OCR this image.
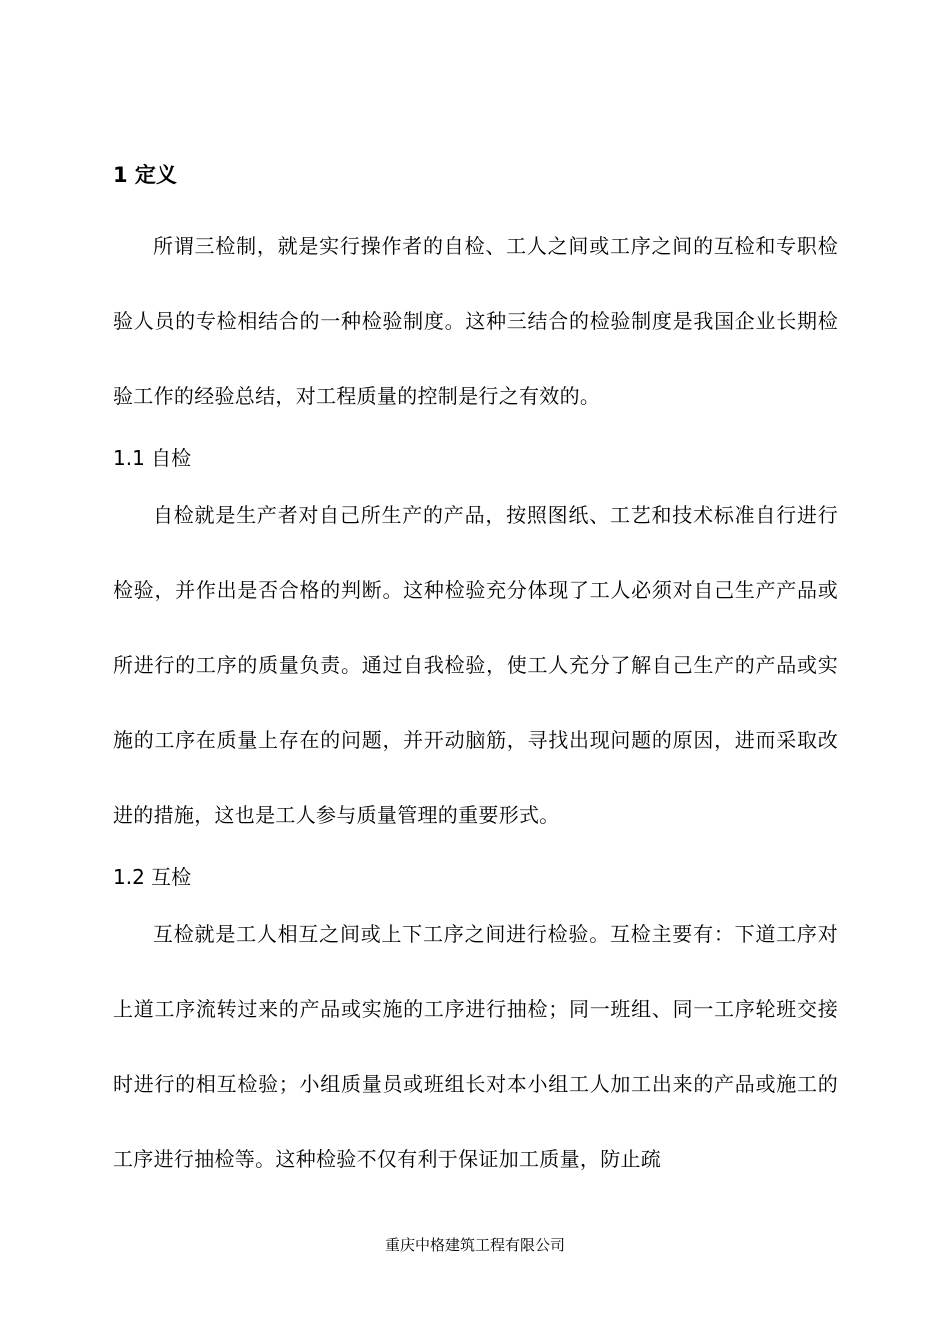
1 定义

所谓三检制，就是实行操作者的自检、工人之间或工序之间的互检和专职检验人员的专检相结合的一种检验制度。这种三结合的检验制度是我国企业长期检验工作的经验总结，对工程质量的控制是行之有效的。

1.1 自检

自检就是生产者对自己所生产的产品，按照图纸、工艺和技术标准自行进行检验，并作出是否合格的判断。这种检验充分体现了工人必须对自己生产产品或所进行的工序的质量负责。通过自我检验，使工人充分了解自己生产的产品或实施的工序在质量上存在的问题，并开动脑筋，寻找出现问题的原因，进而采取改进的措施，这也是工人参与质量管理的重要形式。

1.2 互检

互检就是工人相互之间或上下工序之间进行检验。互检主要有：下道工序对上道工序流转过来的产品或实施的工序进行抽检；同一班组、同一工序轮班交接时进行的相互检验；小组质量员或班组长对本小组工人加工出来的产品或施工的工序进行抽检等。这种检验不仅有利于保证加工质量，防止疏

重庆中格建筑工程有限公司
